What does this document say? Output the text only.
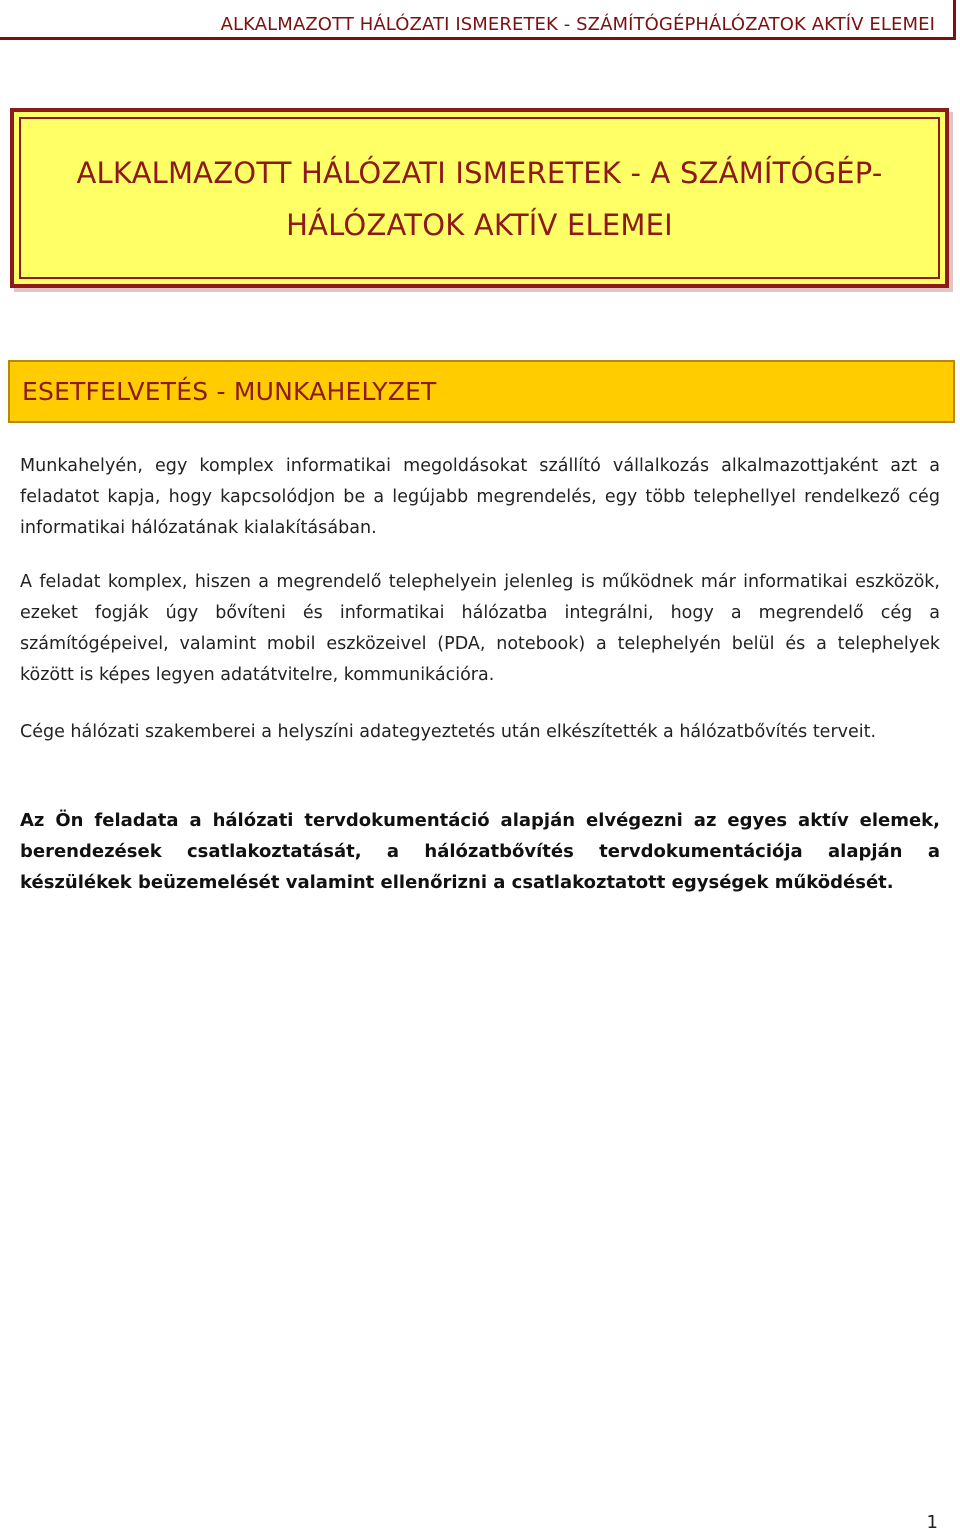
ALKALMAZOTT HÁLÓZATI ISMERETEK - SZÁMÍTÓGÉPHÁLÓZATOK AKTÍV ELEMEI
ALKALMAZOTT HÁLÓZATI ISMERETEK - A SZÁMÍTÓGÉP-
HÁLÓZATOK AKTÍV ELEMEI
ESETFELVETÉS - MUNKAHELYZET

Munkahelyén, egy komplex informatikai megoldásokat szállító vállalkozás alkalmazottjaként azt a feladatot kapja, hogy kapcsolódjon be a legújabb megrendelés, egy több telephellyel rendelkező cég informatikai hálózatának kialakításában.

A feladat komplex, hiszen a megrendelő telephelyein jelenleg is működnek már informatikai eszközök, ezeket fogják úgy bővíteni és informatikai hálózatba integrálni, hogy a megrendelő cég a számítógépeivel, valamint mobil eszközeivel (PDA, notebook) a telephelyén belül és a telephelyek között is képes legyen adatátvitelre, kommunikációra.

Cége hálózati szakemberei a helyszíni adategyeztetés után elkészítették a hálózatbővítés terveit.

Az Ön feladata a hálózati tervdokumentáció alapján elvégezni az egyes aktív elemek, berendezések csatlakoztatását, a hálózatbővítés tervdokumentációja alapján a készülékek beüzemelését valamint ellenőrizni a csatlakoztatott egységek működését.

1
